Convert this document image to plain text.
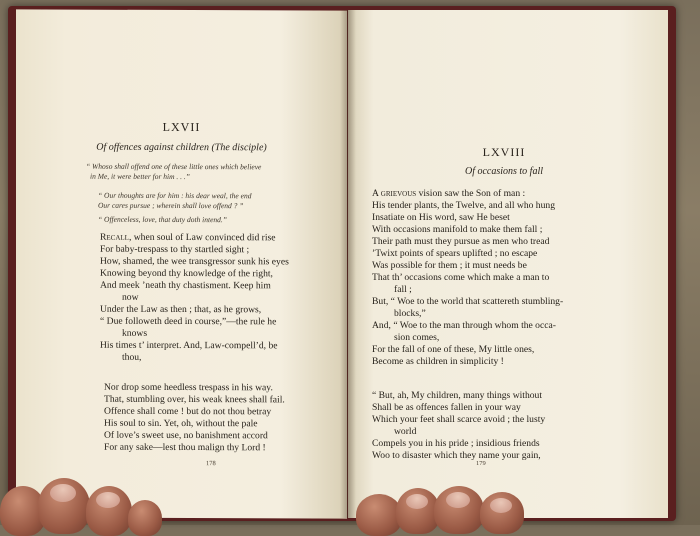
LXVII
Of offences against children (The disciple)
“ Whoso shall offend one of these little ones which believe
in Me, it were better for him . . .”
“ Our thoughts are for him : his dear weal, the end
Our cares pursue ; wherein shall love offend ? ”
“ Offenceless, love, that duty doth intend.”
Recall, when soul of Law convinced did rise
For baby-trespass to thy startled sight ;
How, shamed, the wee transgressor sunk his eyes
Knowing beyond thy knowledge of the right,
And meek ’neath thy chastisment. Keep him
now
Under the Law as then ; that, as he grows,
“ Due followeth deed in course,”—the rule he
knows
His times t’ interpret. And, Law-compell’d, be
thou,
Nor drop some heedless trespass in his way.
That, stumbling over, his weak knees shall fail.
Offence shall come ! but do not thou betray
His soul to sin. Yet, oh, without the pale
Of love’s sweet use, no banishment accord
For any sake—lest thou malign thy Lord !
178
LXVIII
Of occasions to fall
A grievous vision saw the Son of man :
His tender plants, the Twelve, and all who hung
Insatiate on His word, saw He beset
With occasions manifold to make them fall ;
Their path must they pursue as men who tread
’Twixt points of spears uplifted ; no escape
Was possible for them ; it must needs be
That th’ occasions come which make a man to
fall ;
But, “ Woe to the world that scattereth stumbling-
blocks,”
And, “ Woe to the man through whom the occa-
sion comes,
For the fall of one of these, My little ones,
Become as children in simplicity !
“ But, ah, My children, many things without
Shall be as offences fallen in your way
Which your feet shall scarce avoid ; the lusty
world
Compels you in his pride ; insidious friends
Woo to disaster which they name your gain,
179
